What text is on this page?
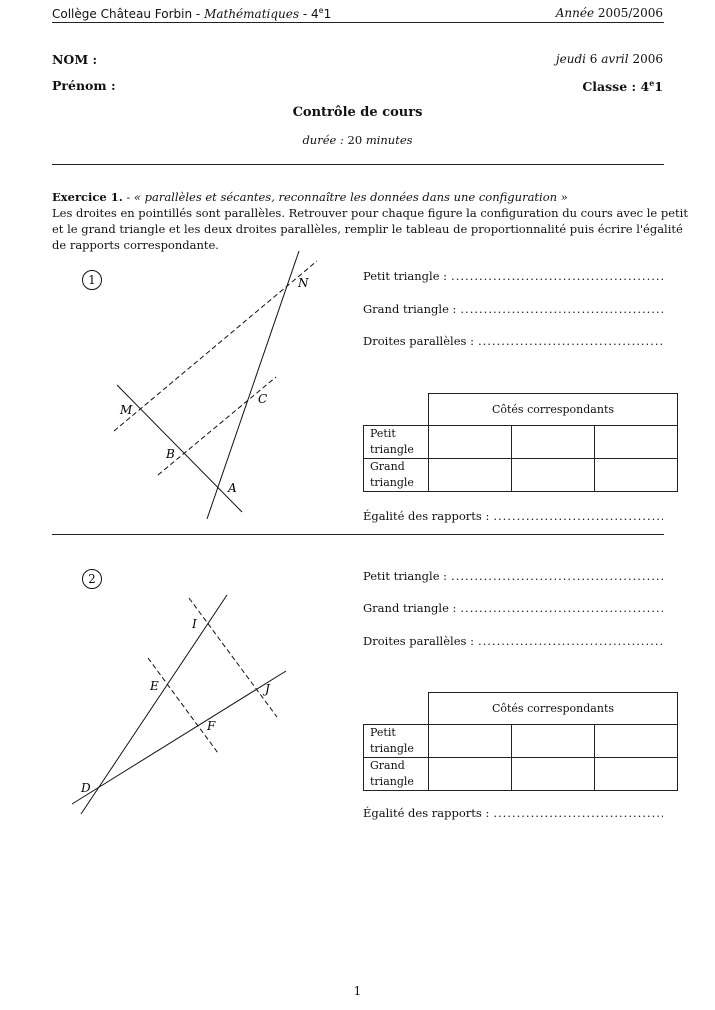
Collège Château Forbin - Mathématiques - 4e1	Année 2005/2006
NOM :	jeudi 6 avril 2006
Prénom :	Classe : 4e1
Contrôle de cours
durée : 20 minutes
Exercice 1. - « parallèles et sécantes, reconnaître les données dans une configuration »
Les droites en pointillés sont parallèles. Retrouver pour chaque figure la configuration du cours avec le petit
et le grand triangle et les deux droites parallèles, remplir le tableau de proportionnalité puis écrire l'égalité
de rapports correspondante.
1	N
M
C
B
A
Petit triangle :
.....
Grand triangle :
.....
Droites parallèles :
.....
	Côtés correspondants		
Petit
triangle			
Grand
triangle			
Égalité des rapports :
.....
2
I
E	J
F
D
Petit triangle :
.....
Grand triangle :
.....
Droites parallèles :
.....
	Côtés correspondants		
Petit
triangle			
Grand
triangle			
Égalité des rapports :
.....
1
